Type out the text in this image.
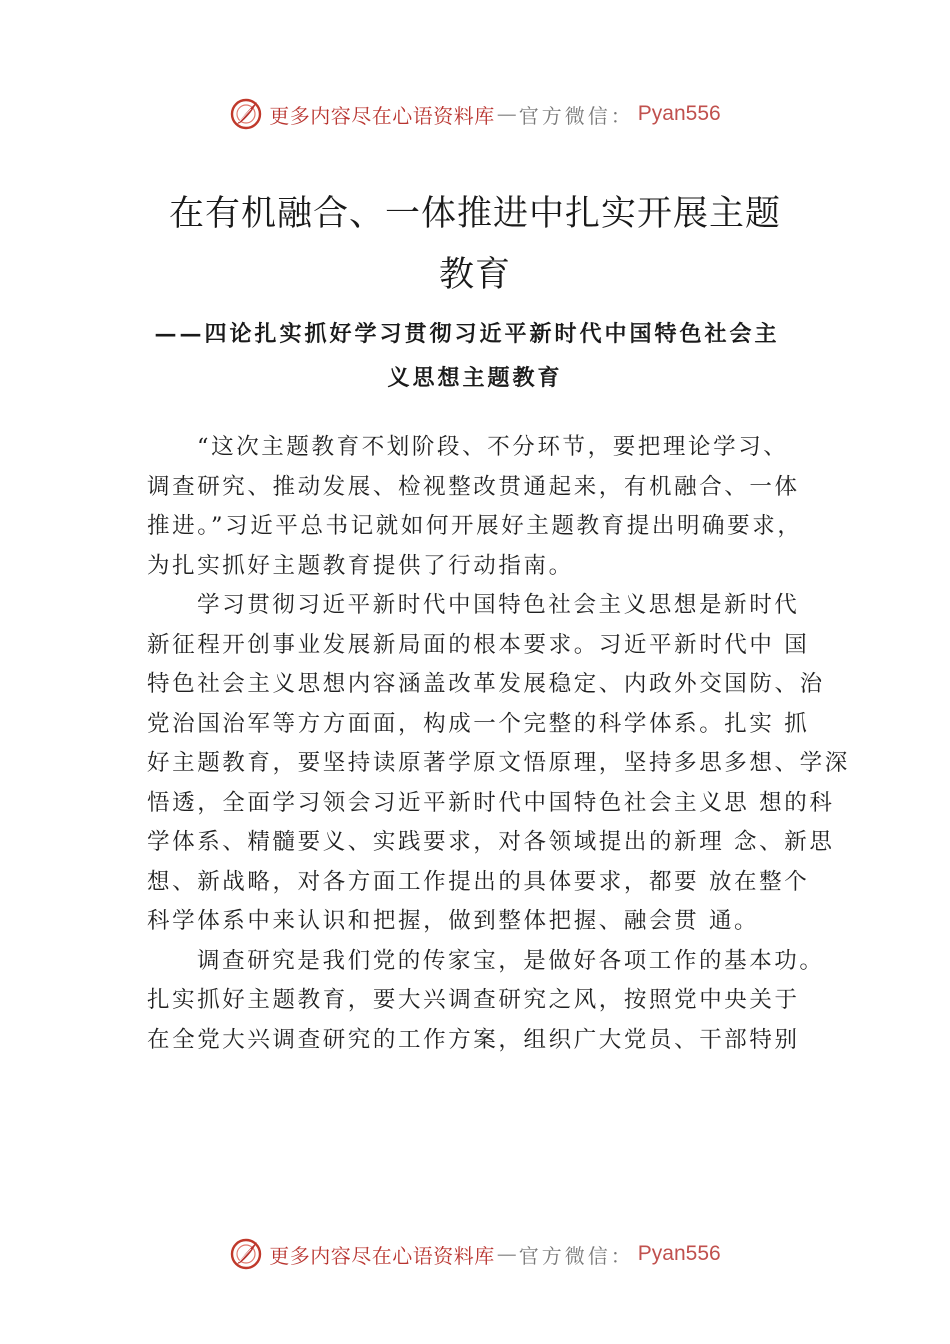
更多内容尽在心语资料库 — 官方微信： Pyan556
在有机融合、一体推进中扎实开展主题
教育
——四论扎实抓好学习贯彻习近平新时代中国特色社会主
义思想主题教育
“这次主题教育不划阶段、不分环节，要把理论学习、
调查研究、推动发展、检视整改贯通起来，有机融合、一体
推进。”习近平总书记就如何开展好主题教育提出明确要求，
为扎实抓好主题教育提供了行动指南。
学习贯彻习近平新时代中国特色社会主义思想是新时代
新征程开创事业发展新局面的根本要求。习近平新时代中 国
特色社会主义思想内容涵盖改革发展稳定、内政外交国防、治
党治国治军等方方面面，构成一个完整的科学体系。扎实 抓
好主题教育，要坚持读原著学原文悟原理，坚持多思多想、学深
悟透，全面学习领会习近平新时代中国特色社会主义思 想的科
学体系、精髓要义、实践要求，对各领域提出的新理 念、新思
想、新战略，对各方面工作提出的具体要求，都要 放在整个
科学体系中来认识和把握，做到整体把握、融会贯 通。
调查研究是我们党的传家宝，是做好各项工作的基本功。
扎实抓好主题教育，要大兴调查研究之风，按照党中央关于
在全党大兴调查研究的工作方案，组织广大党员、干部特别
更多内容尽在心语资料库 — 官方微信： Pyan556
